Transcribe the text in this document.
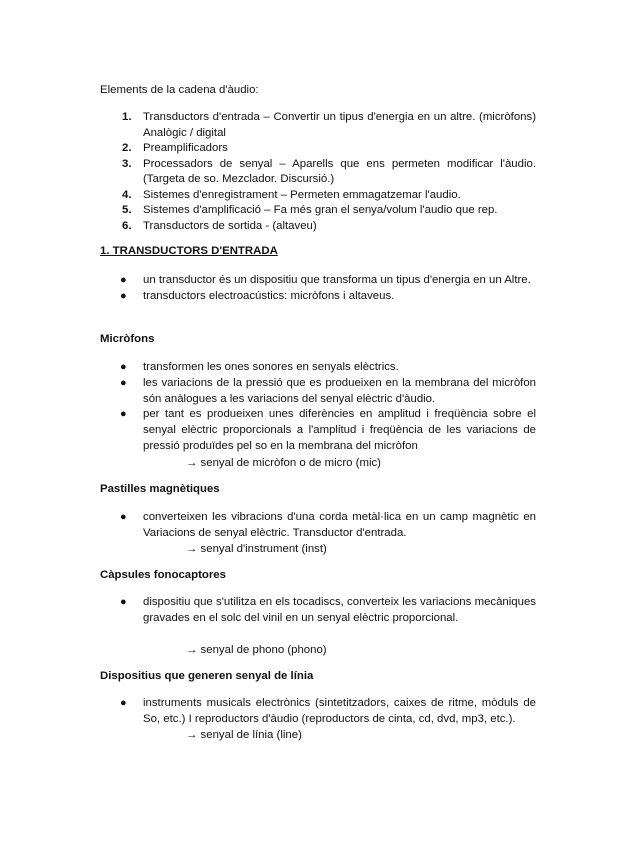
Elements de la cadena d'àudio:

1. Transductors d'entrada – Convertir un tipus d'energia en un altre. (micròfons) Analògic / digital

2. Preamplificadors

3. Processadors de senyal – Aparells que ens permeten modificar l'àudio. (Targeta de so. Mezclador. Discursió.)

4. Sistemes d'enregistrament – Permeten emmagatzemar l'audio.

5. Sistemes d'amplificació – Fa més gran el senya/volum l'audio que rep.

6. Transductors de sortida - (altaveu)

1. TRANSDUCTORS D'ENTRADA

● un transductor és un dispositiu que transforma un tipus d'energia en un Altre.

● transductors electroacústics: micròfons i altaveus.

Micròfons

● transformen les ones sonores en senyals elèctrics.

● les variacions de la pressió que es produeixen en la membrana del micròfon són anàlogues a les variacions del senyal elèctric d'àudio.

● per tant es produeixen unes diferències en amplitud i freqüència sobre el senyal elèctric proporcionals a l'amplitud i freqüència de les variacions de pressió produïdes pel so en la membrana del micròfon

→ senyal de micròfon o de micro (mic)

Pastilles magnètiques

● converteixen les vibracions d'una corda metàl·lica en un camp magnètic en Variacions de senyal elèctric. Transductor d'entrada.

→ senyal d'instrument (inst)

Càpsules fonocaptores

● dispositiu que s'utilitza en els tocadiscs, converteix les variacions mecàniques gravades en el solc del vinil en un senyal elèctric proporcional.

→ senyal de phono (phono)

Dispositius que generen senyal de línia

● instruments musicals electrònics (sintetitzadors, caixes de ritme, mòduls de So, etc.) I reproductors d'àudio (reproductors de cinta, cd, dvd, mp3, etc.).

→ senyal de línia (line)
